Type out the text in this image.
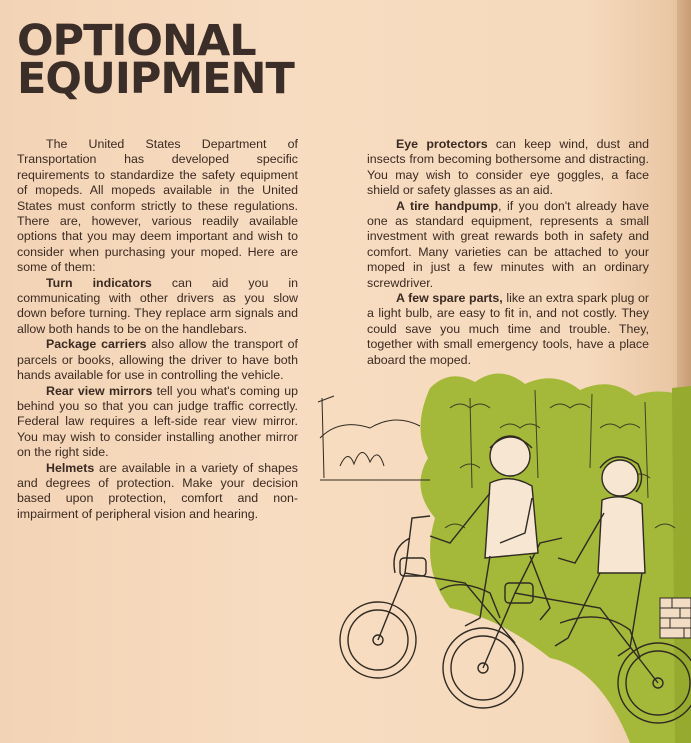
OPTIONAL
EQUIPMENT

The United States Department of Transportation has developed specific requirements to standardize the safety equipment of mopeds. All mopeds available in the United States must conform strictly to these regulations. There are, however, various readily available options that you may deem important and wish to consider when purchasing your moped. Here are some of them:

Turn indicators can aid you in communicating with other drivers as you slow down before turning. They replace arm signals and allow both hands to be on the handlebars.

Package carriers also allow the transport of parcels or books, allowing the driver to have both hands available for use in controlling the vehicle.

Rear view mirrors tell you what's coming up behind you so that you can judge traffic correctly. Federal law requires a left-side rear view mirror. You may wish to consider installing another mirror on the right side.

Helmets are available in a variety of shapes and degrees of protection. Make your decision based upon protection, comfort and non-impairment of peripheral vision and hearing.

Eye protectors can keep wind, dust and insects from becoming bothersome and distracting. You may wish to consider eye goggles, a face shield or safety glasses as an aid.

A tire handpump, if you don't already have one as standard equipment, represents a small investment with great rewards both in safety and comfort. Many varieties can be attached to your moped in just a few minutes with an ordinary screwdriver.

A few spare parts, like an extra spark plug or a light bulb, are easy to fit in, and not costly. They could save you much time and trouble. They, together with small emergency tools, have a place aboard the moped.
